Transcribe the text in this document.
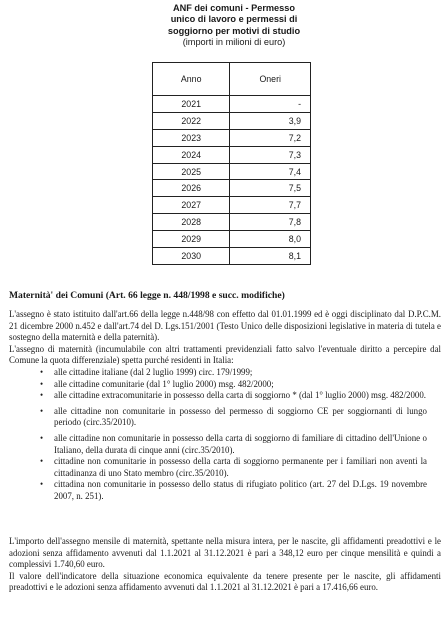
ANF dei comuni - Permesso
unico di lavoro e permessi di
soggiorno per motivi di studio
(importi in milioni di euro)
Anno	Oneri
2021	-
2022	3,9
2023	7,2
2024	7,3
2025	7,4
2026	7,5
2027	7,7
2028	7,8
2029	8,0
2030	8,1
Maternità' dei Comuni (Art. 66 legge n. 448/1998 e succ. modifiche)

L'assegno è stato istituito dall'art.66 della legge n.448/98 con effetto dal 01.01.1999 ed è oggi disciplinato dal D.P.C.M. 21 dicembre 2000 n.452 e dall'art.74 del D. Lgs.151/2001 (Testo Unico delle disposizioni legislative in materia di tutela e sostegno della maternità e della paternità).

L'assegno di maternità (incumulabile con altri trattamenti previdenziali fatto salvo l'eventuale diritto a percepire dal Comune la quota differenziale) spetta purché residenti in Italia:

• alle cittadine italiane (dal 2 luglio 1999) circ. 179/1999;
• alle cittadine comunitarie (dal 1° luglio 2000) msg. 482/2000;
• alle cittadine extracomunitarie in possesso della carta di soggiorno * (dal 1° luglio 2000) msg. 482/2000.
• alle cittadine non comunitarie in possesso del permesso di soggiorno CE per soggiornanti di lungo periodo (circ.35/2010).
• alle cittadine non comunitarie in possesso della carta di soggiorno di familiare di cittadino dell'Unione o Italiano, della durata di cinque anni (circ.35/2010).
• cittadine non comunitarie in possesso della carta di soggiorno permanente per i familiari non aventi la cittadinanza di uno Stato membro (circ.35/2010).
• cittadina non comunitarie in possesso dello status di rifugiato politico (art. 27 del D.Lgs. 19 novembre 2007, n. 251).

L'importo dell'assegno mensile di maternità, spettante nella misura intera, per le nascite, gli affidamenti preadottivi e le adozioni senza affidamento avvenuti dal 1.1.2021 al 31.12.2021 è pari a 348,12 euro per cinque mensilità e quindi a complessivi 1.740,60 euro.

Il valore dell'indicatore della situazione economica equivalente da tenere presente per le nascite, gli affidamenti preadottivi e le adozioni senza affidamento avvenuti dal 1.1.2021 al 31.12.2021 è pari a 17.416,66 euro.
